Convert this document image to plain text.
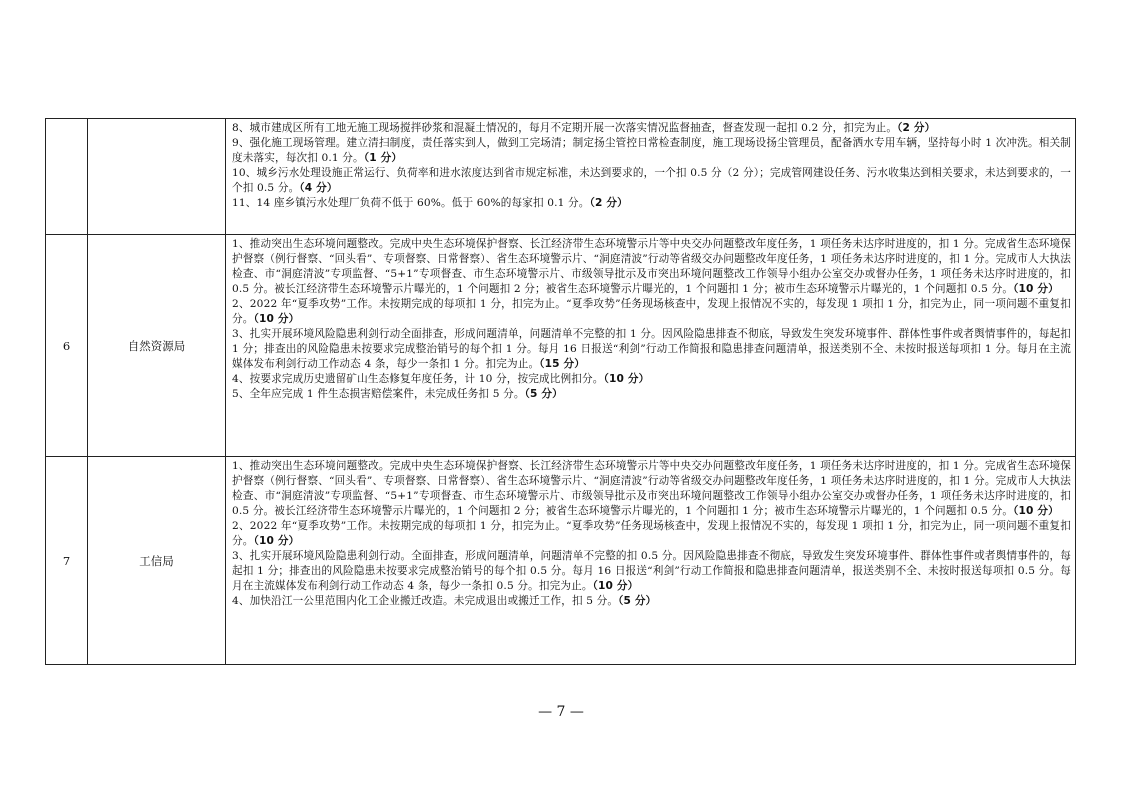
		8、城市建成区所有工地无施工现场搅拌砂浆和混凝土情况的，每月不定期开展一次落实情况监督抽查，督查发现一起扣 0.2 分，扣完为止。（2 分）

9、强化施工现场管理。建立清扫制度，责任落实到人，做到工完场清；制定扬尘管控日常检查制度，施工现场设扬尘管理员，配备洒水专用车辆，坚持每小时 1 次冲洗。相关制度未落实，每次扣 0.1 分。（1 分）

10、城乡污水处理设施正常运行、负荷率和进水浓度达到省市规定标准，未达到要求的，一个扣 0.5 分（2 分）；完成管网建设任务、污水收集达到相关要求，未达到要求的，一个扣 0.5 分。（4 分）

11、14 座乡镇污水处理厂负荷不低于 60%。低于 60%的每家扣 0.1 分。（2 分）

6	自然资源局	1、推动突出生态环境问题整改。完成中央生态环境保护督察、长江经济带生态环境警示片等中央交办问题整改年度任务，1 项任务未达序时进度的，扣 1 分。完成省生态环境保护督察（例行督察、“回头看”、专项督察、日常督察）、省生态环境警示片、“洞庭清波”行动等省级交办问题整改年度任务，1 项任务未达序时进度的，扣 1 分。完成市人大执法检查、市“洞庭清波”专项监督、“5+1”专项督查、市生态环境警示片、市级领导批示及市突出环境问题整改工作领导小组办公室交办或督办任务，1 项任务未达序时进度的，扣 0.5 分。被长江经济带生态环境警示片曝光的，1 个问题扣 2 分；被省生态环境警示片曝光的，1 个问题扣 1 分；被市生态环境警示片曝光的，1 个问题扣 0.5 分。（10 分）

2、2022 年“夏季攻势”工作。未按期完成的每项扣 1 分，扣完为止。“夏季攻势”任务现场核查中，发现上报情况不实的，每发现 1 项扣 1 分，扣完为止，同一项问题不重复扣分。（10 分）

3、扎实开展环境风险隐患利剑行动全面排查，形成问题清单，问题清单不完整的扣 1 分。因风险隐患排查不彻底，导致发生突发环境事件、群体性事件或者舆情事件的，每起扣 1 分；排查出的风险隐患未按要求完成整治销号的每个扣 1 分。每月 16 日报送“利剑”行动工作简报和隐患排查问题清单，报送类别不全、未按时报送每项扣 1 分。每月在主流媒体发布利剑行动工作动态 4 条，每少一条扣 1 分。扣完为止。（15 分）

4、按要求完成历史遗留矿山生态修复年度任务，计 10 分，按完成比例扣分。（10 分）

5、全年应完成 1 件生态损害赔偿案件，未完成任务扣 5 分。（5 分）

7	工信局	1、推动突出生态环境问题整改。完成中央生态环境保护督察、长江经济带生态环境警示片等中央交办问题整改年度任务，1 项任务未达序时进度的，扣 1 分。完成省生态环境保护督察（例行督察、“回头看”、专项督察、日常督察）、省生态环境警示片、“洞庭清波”行动等省级交办问题整改年度任务，1 项任务未达序时进度的，扣 1 分。完成市人大执法检查、市“洞庭清波”专项监督、“5+1”专项督查、市生态环境警示片、市级领导批示及市突出环境问题整改工作领导小组办公室交办或督办任务，1 项任务未达序时进度的，扣 0.5 分。被长江经济带生态环境警示片曝光的，1 个问题扣 2 分；被省生态环境警示片曝光的，1 个问题扣 1 分；被市生态环境警示片曝光的，1 个问题扣 0.5 分。（10 分）

2、2022 年“夏季攻势”工作。未按期完成的每项扣 1 分，扣完为止。“夏季攻势”任务现场核查中，发现上报情况不实的，每发现 1 项扣 1 分，扣完为止，同一项问题不重复扣分。（10 分）

3、扎实开展环境风险隐患利剑行动。全面排查，形成问题清单，问题清单不完整的扣 0.5 分。因风险隐患排查不彻底，导致发生突发环境事件、群体性事件或者舆情事件的，每起扣 1 分；排查出的风险隐患未按要求完成整治销号的每个扣 0.5 分。每月 16 日报送“利剑”行动工作简报和隐患排查问题清单，报送类别不全、未按时报送每项扣 0.5 分。每月在主流媒体发布利剑行动工作动态 4 条，每少一条扣 0.5 分。扣完为止。（10 分）

4、加快沿江一公里范围内化工企业搬迁改造。未完成退出或搬迁工作，扣 5 分。（5 分）

— 7 —
